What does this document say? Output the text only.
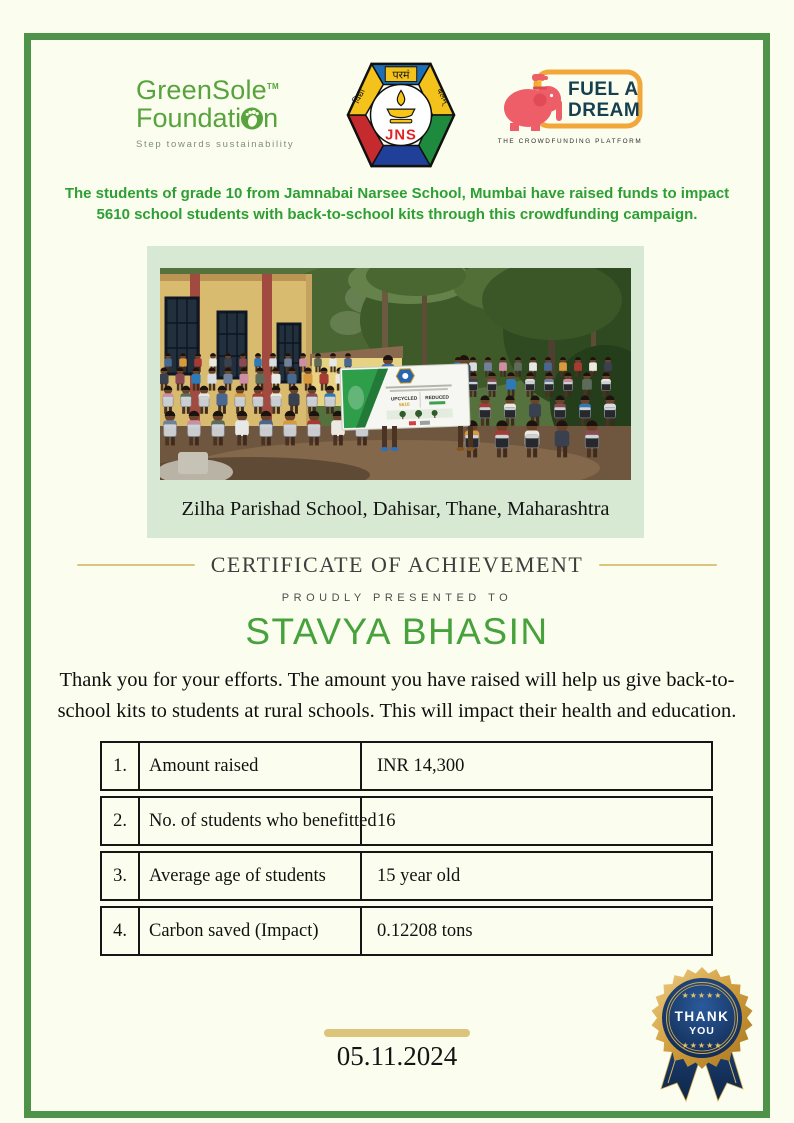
GreenSole™
Foundati n
Step towards sustainability
परमं
विद्या	बलम्
JNS
FUEL A
DREAM
THE CROWDFUNDING PLATFORM
The students of grade 10 from Jamnabai Narsee School, Mumbai have raised funds to impact
5610 school students with back-to-school kits through this crowdfunding campaign.
UPCYCLED
5610
REDUCED
Zilha Parishad School, Dahisar, Thane, Maharashtra
CERTIFICATE OF ACHIEVEMENT
PROUDLY PRESENTED TO
STAVYA BHASIN
Thank you for your efforts. The amount you have raised will help us give back-to-
school kits to students at rural schools. This will impact their health and education.
1.	Amount raised	INR 14,300
2.	No. of students who benefitted 16
3.	Average age of students	15 year old
4.	Carbon saved (Impact)	0.12208 tons
05.11.2024
★★★★★
THANK
YOU
★★★★★
